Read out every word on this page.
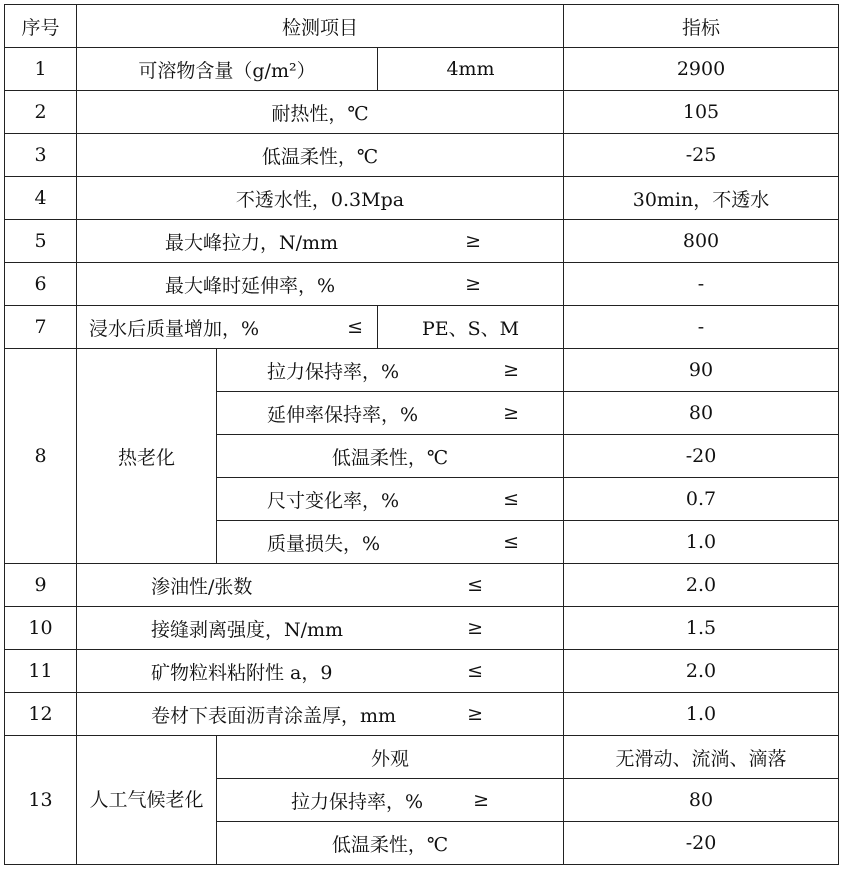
序号	检测项目			指标
1	可溶物含量（g/m²）		4mm	2900
2	耐热性，℃			105
3	低温柔性，℃			-25
4	不透水性，0.3Mpa			30min，不透水
5	最大峰拉力，N/mm ≥			800
6	最大峰时延伸率，% ≥			-
7	浸水后质量增加，% ≤		PE、S、M	-
8	热老化	拉力保持率，% ≥		90

		延伸率保持率，% ≥		80
		低温柔性，℃		-20

		尺寸变化率，% ≤		0.7

		质量损失，% ≤		1.0
9	渗油性/张数 ≤			2.0
10	接缝剥离强度，N/mm ≥			1.5
11	矿物粒料粘附性 a，9 ≤			2.0
12	卷材下表面沥青涂盖厚，mm ≥			1.0
13	人工气候老化	外观		无滑动、流淌、滴落

		拉力保持率，% ≥		80
		低温柔性，℃		-20
